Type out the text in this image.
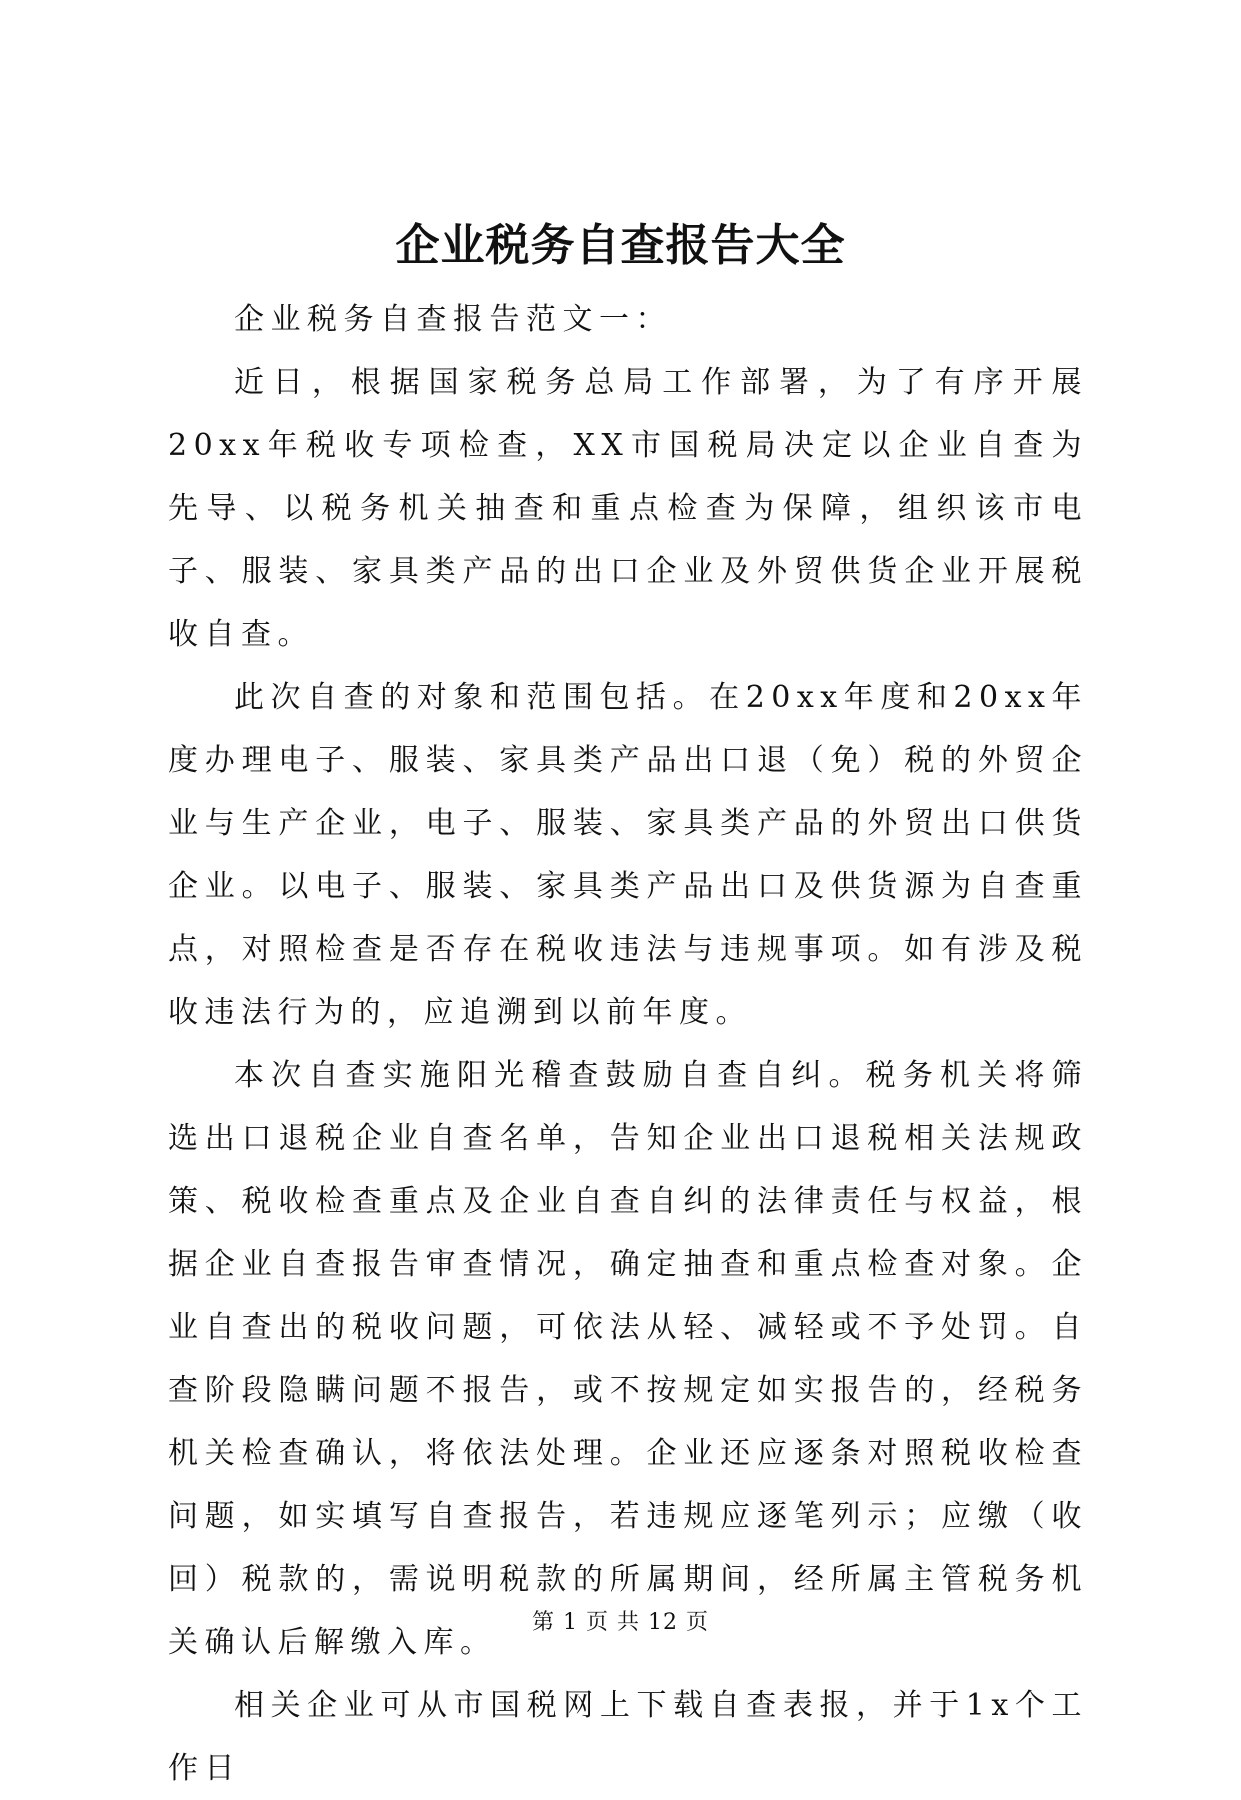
企业税务自查报告大全

企业税务自查报告范文一：

近日，根据国家税务总局工作部署，为了有序开展20xx年税收专项检查，XX市国税局决定以企业自查为先导、以税务机关抽查和重点检查为保障，组织该市电子、服装、家具类产品的出口企业及外贸供货企业开展税收自查。

此次自查的对象和范围包括。在20xx年度和20xx年度办理电子、服装、家具类产品出口退（免）税的外贸企业与生产企业，电子、服装、家具类产品的外贸出口供货企业。以电子、服装、家具类产品出口及供货源为自查重点，对照检查是否存在税收违法与违规事项。如有涉及税收违法行为的，应追溯到以前年度。

本次自查实施阳光稽查鼓励自查自纠。税务机关将筛选出口退税企业自查名单，告知企业出口退税相关法规政策、税收检查重点及企业自查自纠的法律责任与权益，根据企业自查报告审查情况，确定抽查和重点检查对象。企业自查出的税收问题，可依法从轻、减轻或不予处罚。自查阶段隐瞒问题不报告，或不按规定如实报告的，经税务机关检查确认，将依法处理。企业还应逐条对照税收检查问题，如实填写自查报告，若违规应逐笔列示；应缴（收回）税款的，需说明税款的所属期间，经所属主管税务机关确认后解缴入库。

相关企业可从市国税网上下载自查表报，并于1x个工作日

第 1 页 共 12 页
